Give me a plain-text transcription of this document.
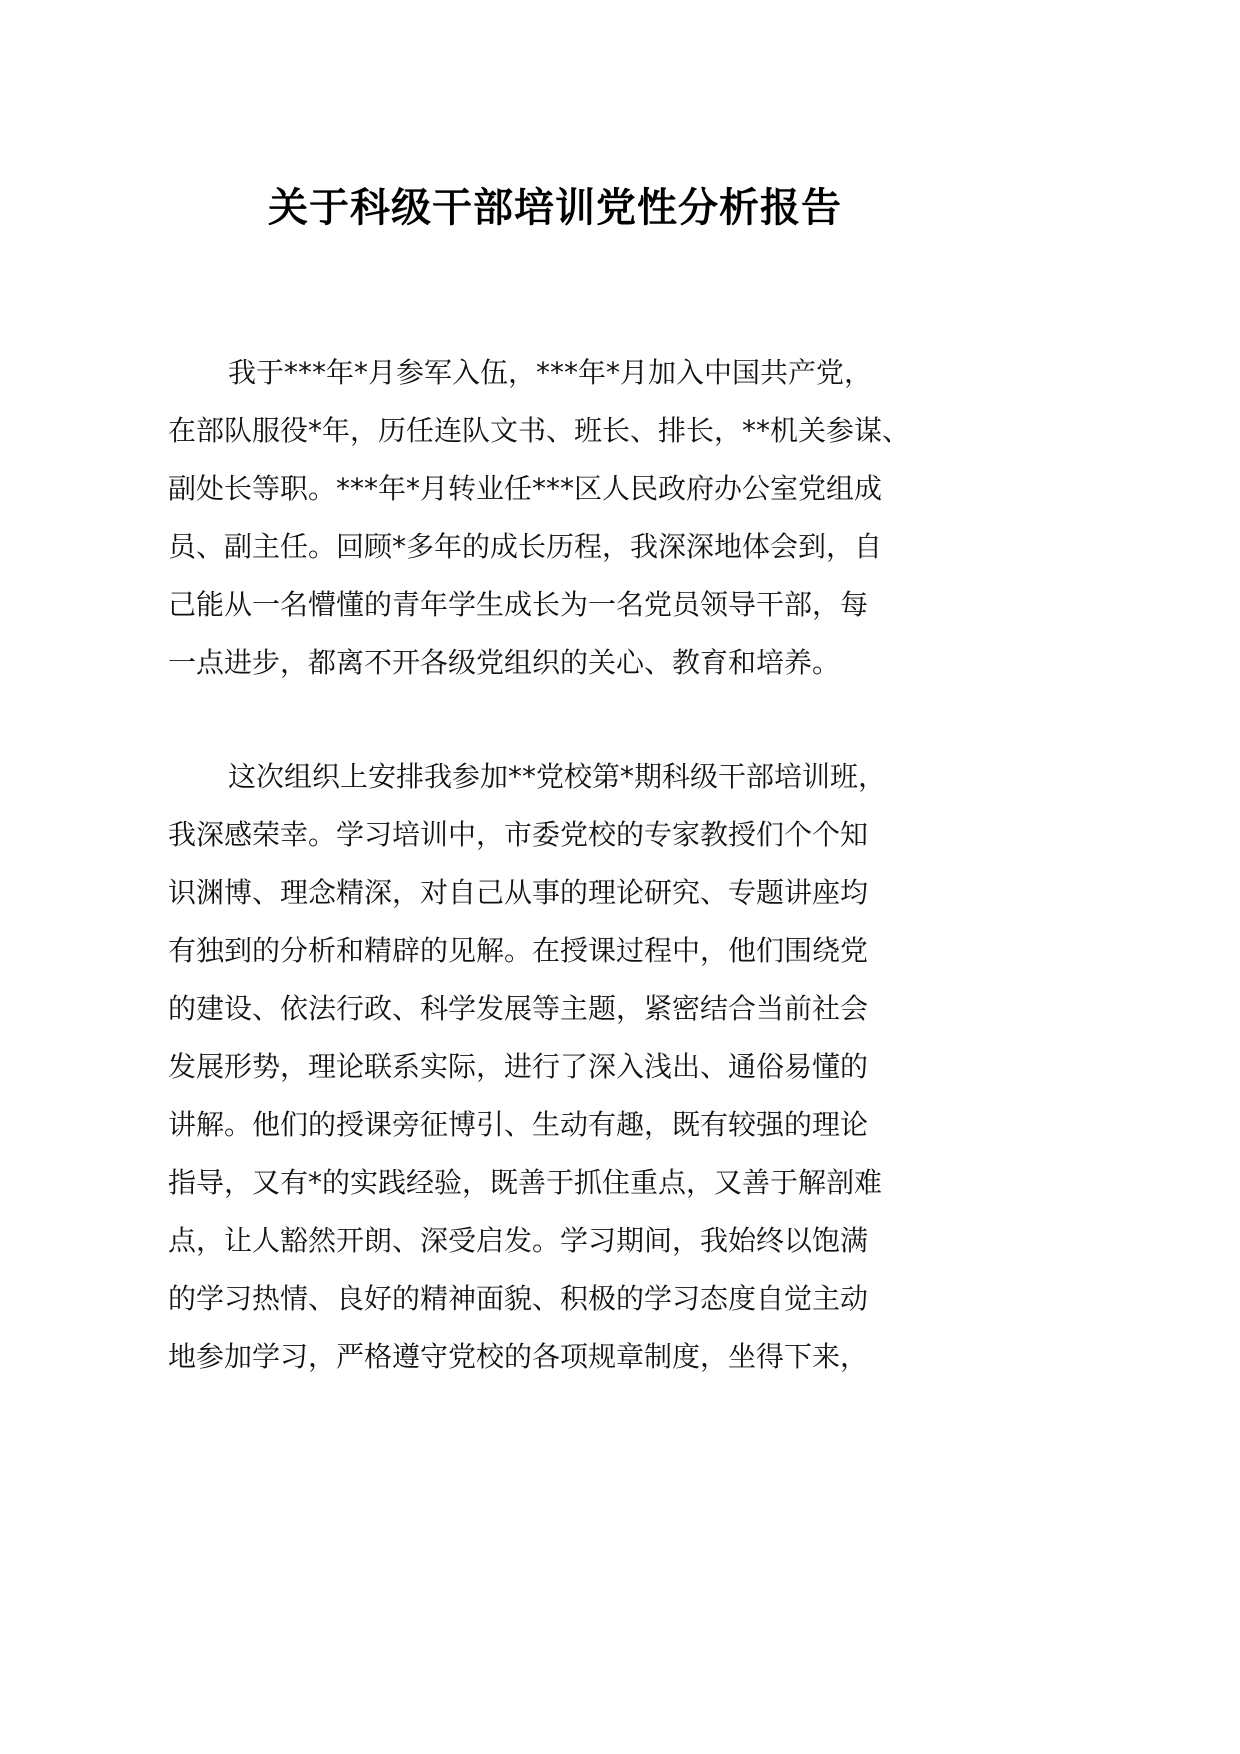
关于科级干部培训党性分析报告
我于***年*月参军入伍，***年*月加入中国共产党，
在部队服役*年，历任连队文书、班长、排长，**机关参谋、
副处长等职。***年*月转业任***区人民政府办公室党组成
员、副主任。回顾*多年的成长历程，我深深地体会到，自
己能从一名懵懂的青年学生成长为一名党员领导干部，每
一点进步，都离不开各级党组织的关心、教育和培养。
这次组织上安排我参加**党校第*期科级干部培训班，
我深感荣幸。学习培训中，市委党校的专家教授们个个知
识渊博、理念精深，对自己从事的理论研究、专题讲座均
有独到的分析和精辟的见解。在授课过程中，他们围绕党
的建设、依法行政、科学发展等主题，紧密结合当前社会
发展形势，理论联系实际，进行了深入浅出、通俗易懂的
讲解。他们的授课旁征博引、生动有趣，既有较强的理论
指导，又有*的实践经验，既善于抓住重点，又善于解剖难
点，让人豁然开朗、深受启发。学习期间，我始终以饱满
的学习热情、良好的精神面貌、积极的学习态度自觉主动
地参加学习，严格遵守党校的各项规章制度，坐得下来，
